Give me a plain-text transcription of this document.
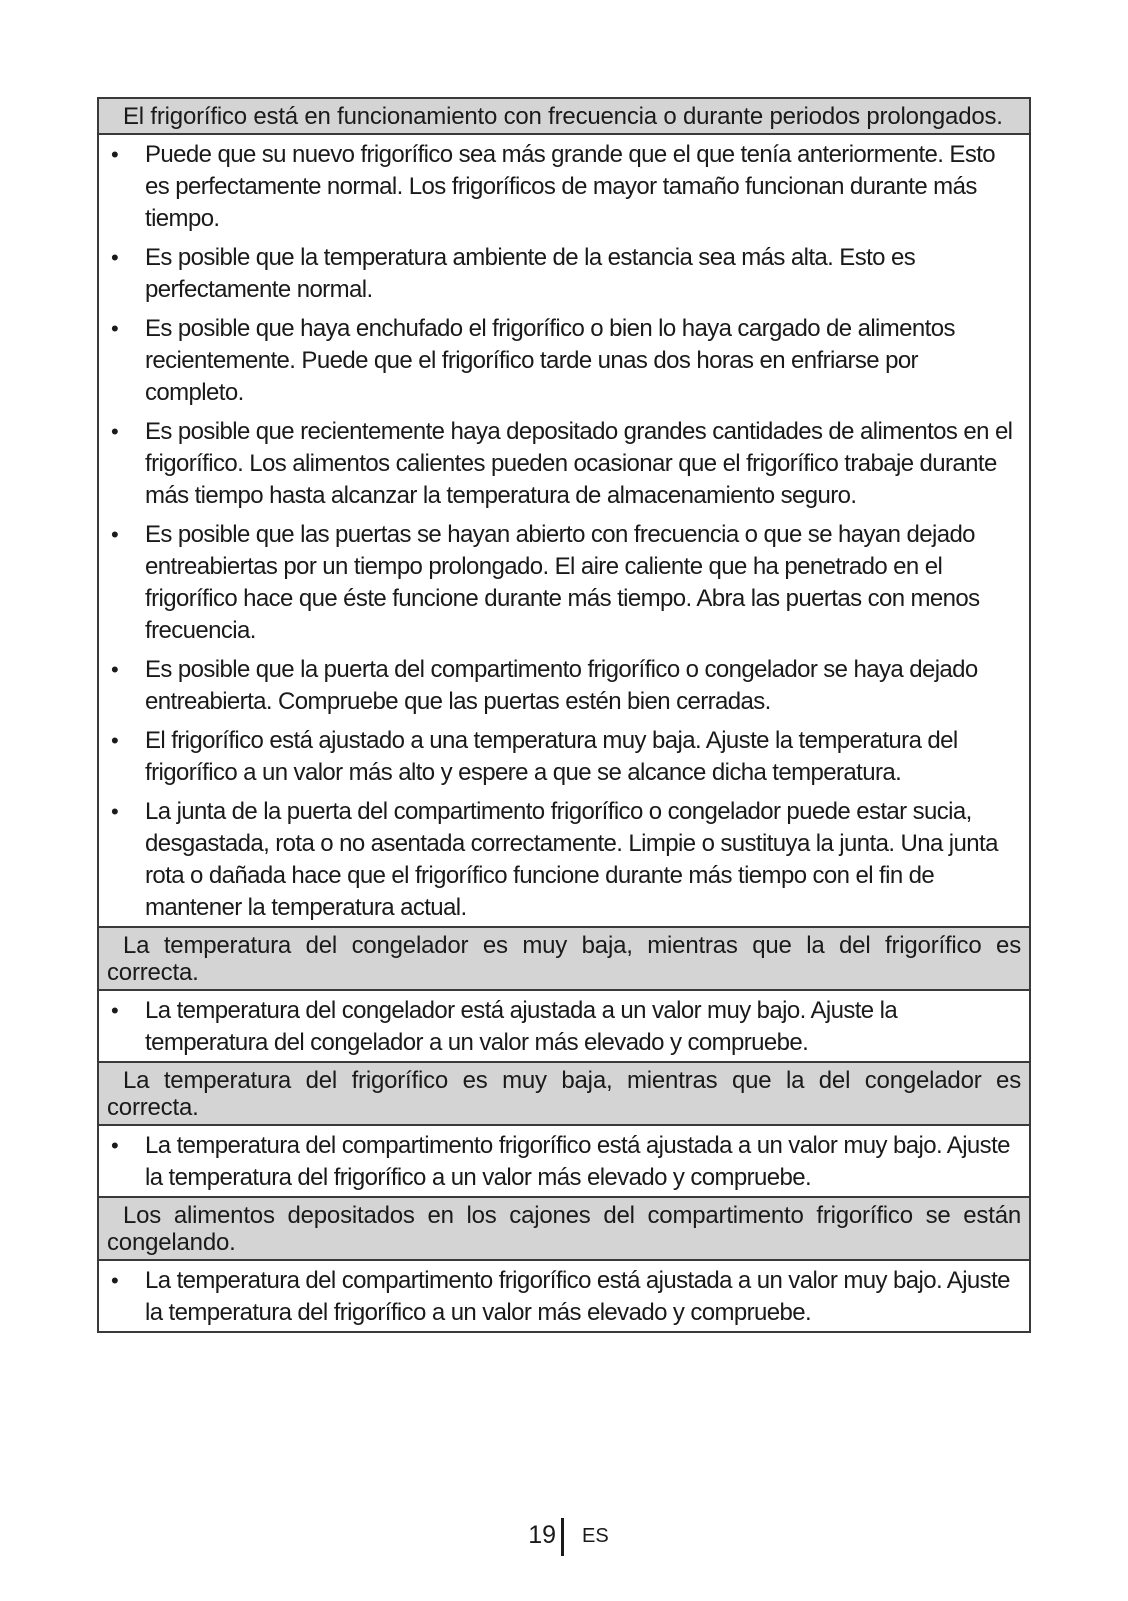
El frigorífico está en funcionamiento con frecuencia o durante periodos prolongados.
• Puede que su nuevo frigorífico sea más grande que el que tenía anteriormente. Esto es perfectamente normal. Los frigoríficos de mayor tamaño funcionan durante más tiempo.
• Es posible que la temperatura ambiente de la estancia sea más alta. Esto es perfectamente normal.
• Es posible que haya enchufado el frigorífico o bien lo haya cargado de alimentos recientemente. Puede que el frigorífico tarde unas dos horas en enfriarse por completo.
• Es posible que recientemente haya depositado grandes cantidades de alimentos en el frigorífico. Los alimentos calientes pueden ocasionar que el frigorífico trabaje durante más tiempo hasta alcanzar la temperatura de almacenamiento seguro.
• Es posible que las puertas se hayan abierto con frecuencia o que se hayan dejado entreabiertas por un tiempo prolongado. El aire caliente que ha penetrado en el frigorífico hace que éste funcione durante más tiempo. Abra las puertas con menos frecuencia.
• Es posible que la puerta del compartimento frigorífico o congelador se haya dejado entreabierta. Compruebe que las puertas estén bien cerradas.
• El frigorífico está ajustado a una temperatura muy baja. Ajuste la temperatura del frigorífico a un valor más alto y espere a que se alcance dicha temperatura.
• La junta de la puerta del compartimento frigorífico o congelador puede estar sucia, desgastada, rota o no asentada correctamente. Limpie o sustituya la junta. Una junta rota o dañada hace que el frigorífico funcione durante más tiempo con el fin de mantener la temperatura actual.
La temperatura del congelador es muy baja, mientras que la del frigorífico es correcta.
• La temperatura del congelador está ajustada a un valor muy bajo. Ajuste la temperatura del congelador a un valor más elevado y compruebe.
La temperatura del frigorífico es muy baja, mientras que la del congelador es correcta.
• La temperatura del compartimento frigorífico está ajustada a un valor muy bajo. Ajuste la temperatura del frigorífico a un valor más elevado y compruebe.
Los alimentos depositados en los cajones del compartimento frigorífico se están congelando.
• La temperatura del compartimento frigorífico está ajustada a un valor muy bajo. Ajuste la temperatura del frigorífico a un valor más elevado y compruebe.
19 ES
